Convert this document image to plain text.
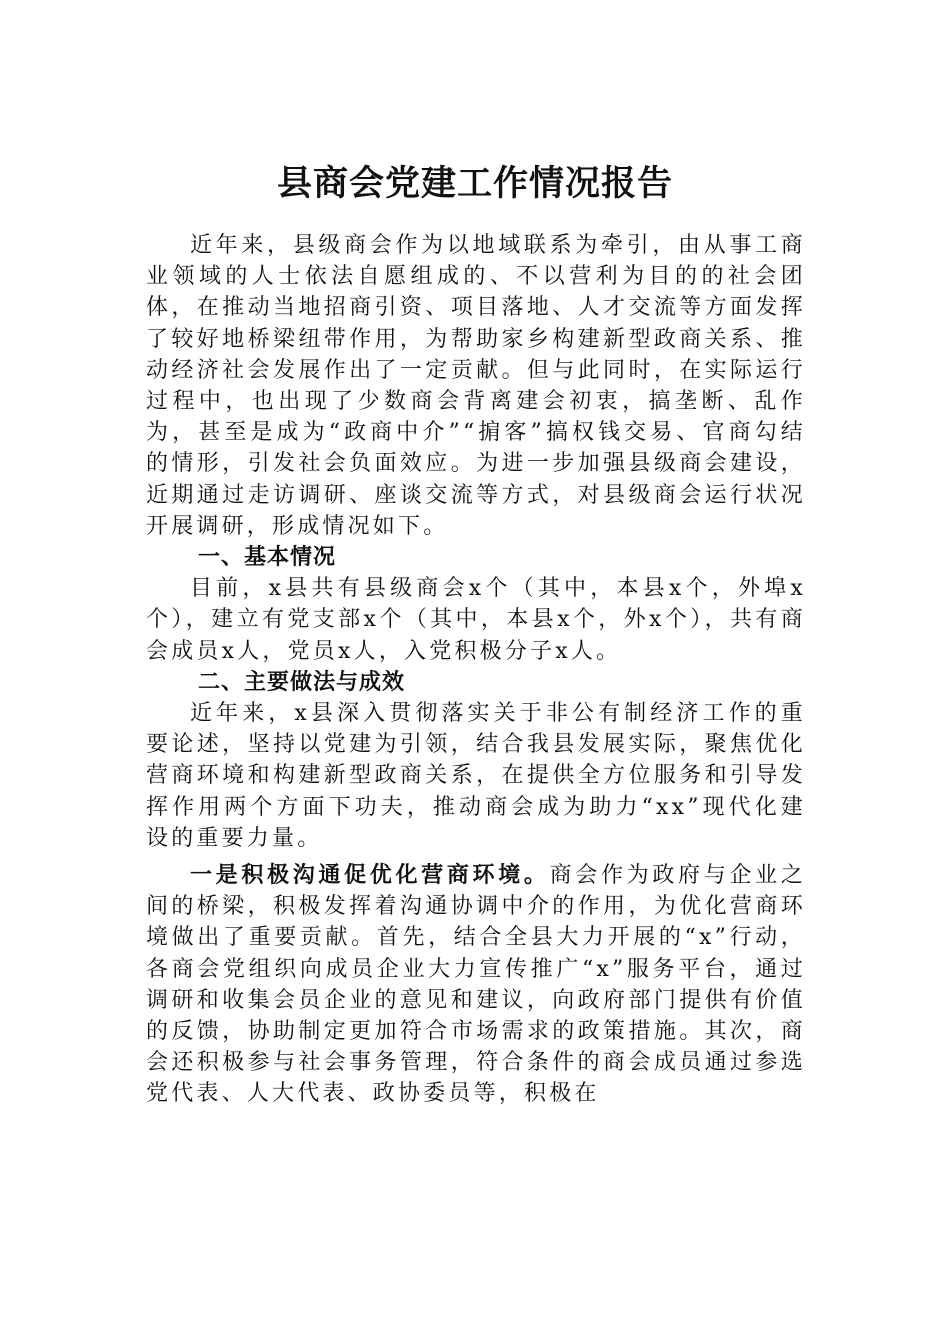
县商会党建工作情况报告

近年来，县级商会作为以地域联系为牵引，由从事工商业领域的人士依法自愿组成的、不以营利为目的的社会团体，在推动当地招商引资、项目落地、人才交流等方面发挥了较好地桥梁纽带作用，为帮助家乡构建新型政商关系、推动经济社会发展作出了一定贡献。但与此同时，在实际运行过程中，也出现了少数商会背离建会初衷，搞垄断、乱作为，甚至是成为“政商中介”“掮客”搞权钱交易、官商勾结的情形，引发社会负面效应。为进一步加强县级商会建设，近期通过走访调研、座谈交流等方式，对县级商会运行状况开展调研，形成情况如下。

一、基本情况

目前，x县共有县级商会x个（其中，本县x个，外埠x个），建立有党支部x个（其中，本县x个，外x个），共有商会成员x人，党员x人，入党积极分子x人。

二、主要做法与成效

近年来，x县深入贯彻落实关于非公有制经济工作的重要论述，坚持以党建为引领，结合我县发展实际，聚焦优化营商环境和构建新型政商关系，在提供全方位服务和引导发挥作用两个方面下功夫，推动商会成为助力“xx”现代化建设的重要力量。

一是积极沟通促优化营商环境。商会作为政府与企业之间的桥梁，积极发挥着沟通协调中介的作用，为优化营商环境做出了重要贡献。首先，结合全县大力开展的“x”行动，各商会党组织向成员企业大力宣传推广“x”服务平台，通过调研和收集会员企业的意见和建议，向政府部门提供有价值的反馈，协助制定更加符合市场需求的政策措施。其次，商会还积极参与社会事务管理，符合条件的商会成员通过参选党代表、人大代表、政协委员等，积极在
